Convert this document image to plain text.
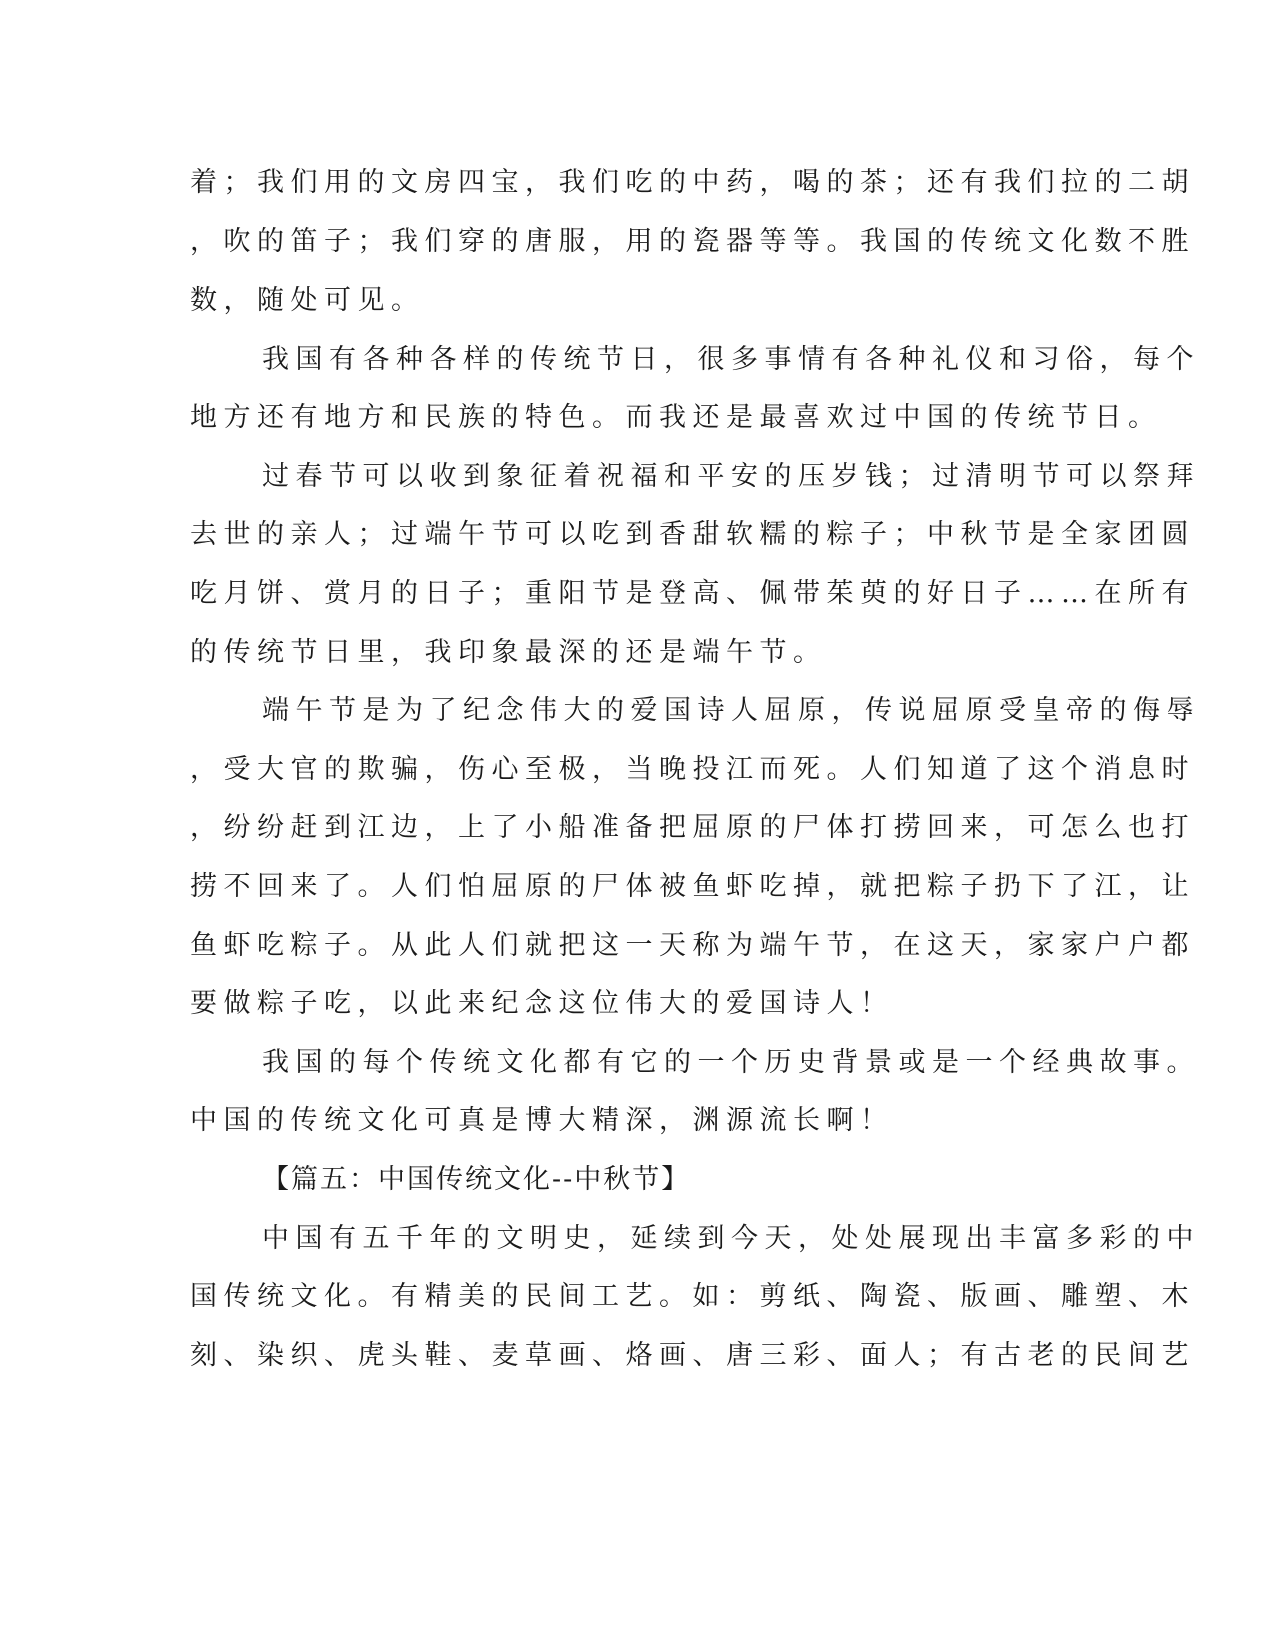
着；我们用的文房四宝，我们吃的中药，喝的茶；还有我们拉的二胡
，吹的笛子；我们穿的唐服，用的瓷器等等。我国的传统文化数不胜
数，随处可见。
我国有各种各样的传统节日，很多事情有各种礼仪和习俗，每个
地方还有地方和民族的特色。而我还是最喜欢过中国的传统节日。
过春节可以收到象征着祝福和平安的压岁钱；过清明节可以祭拜
去世的亲人；过端午节可以吃到香甜软糯的粽子；中秋节是全家团圆
吃月饼、赏月的日子；重阳节是登高、佩带茱萸的好日子……在所有
的传统节日里，我印象最深的还是端午节。
端午节是为了纪念伟大的爱国诗人屈原，传说屈原受皇帝的侮辱
，受大官的欺骗，伤心至极，当晚投江而死。人们知道了这个消息时
，纷纷赶到江边，上了小船准备把屈原的尸体打捞回来，可怎么也打
捞不回来了。人们怕屈原的尸体被鱼虾吃掉，就把粽子扔下了江，让
鱼虾吃粽子。从此人们就把这一天称为端午节，在这天，家家户户都
要做粽子吃，以此来纪念这位伟大的爱国诗人！
我国的每个传统文化都有它的一个历史背景或是一个经典故事。
中国的传统文化可真是博大精深，渊源流长啊！
【篇五：中国传统文化--中秋节】
中国有五千年的文明史，延续到今天，处处展现出丰富多彩的中
国传统文化。有精美的民间工艺。如：剪纸、陶瓷、版画、雕塑、木
刻、染织、虎头鞋、麦草画、烙画、唐三彩、面人；有古老的民间艺
